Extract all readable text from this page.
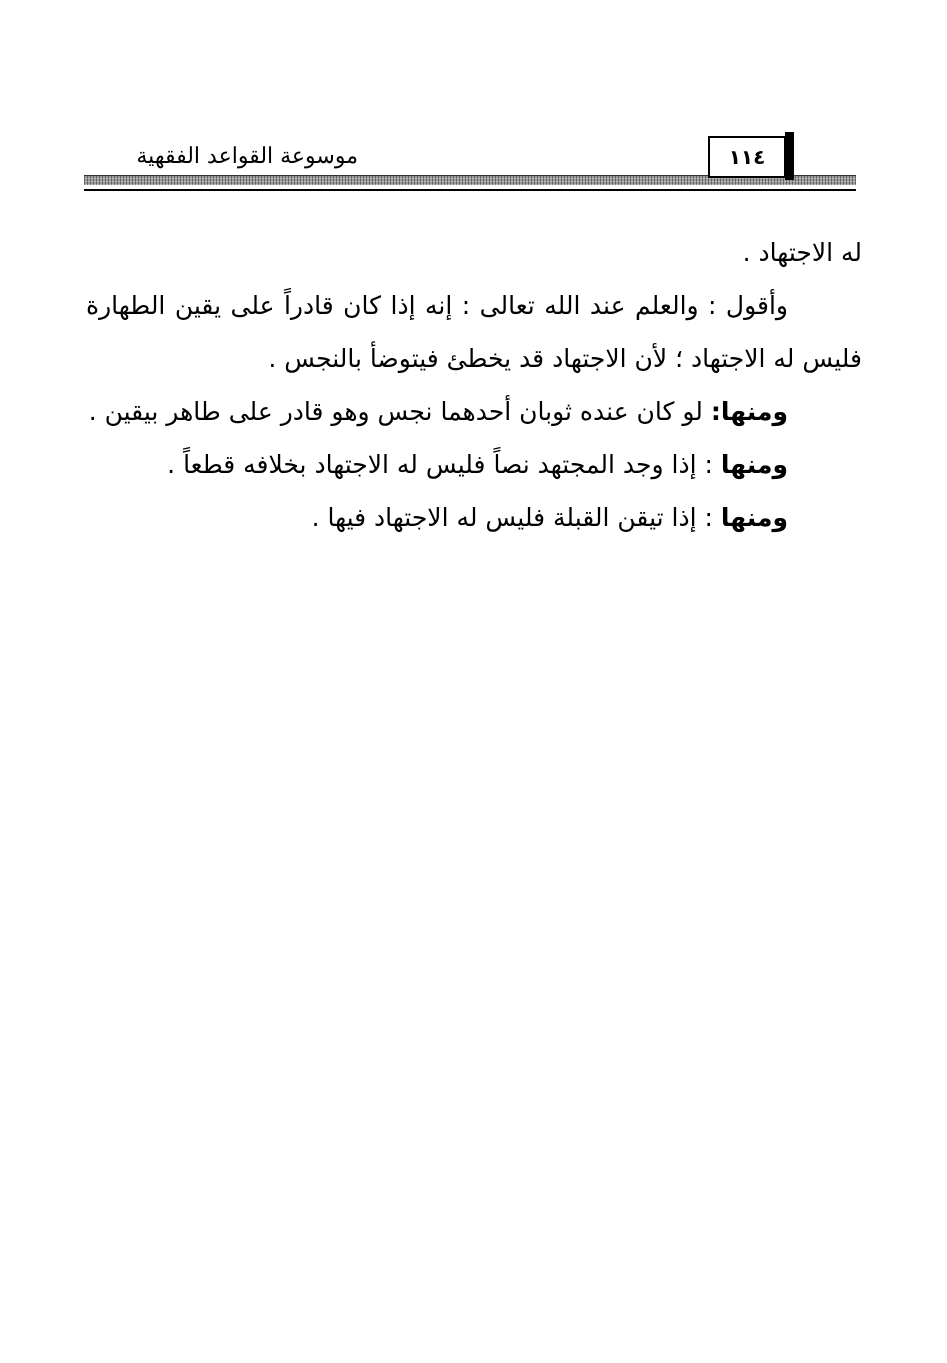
موسوعة القواعد الفقهية	١١٤

له الاجتهاد .

وأقول : والعلم عند الله تعالى : إنه إذا كان قادراً على يقين الطهارة فليس له الاجتهاد ؛ لأن الاجتهاد قد يخطئ فيتوضأ بالنجس .

ومنها: لو كان عنده ثوبان أحدهما نجس وهو قادر على طاهر بيقين .

ومنها : إذا وجد المجتهد نصاً فليس له الاجتهاد بخلافه قطعاً .

ومنها : إذا تيقن القبلة فليس له الاجتهاد فيها .
